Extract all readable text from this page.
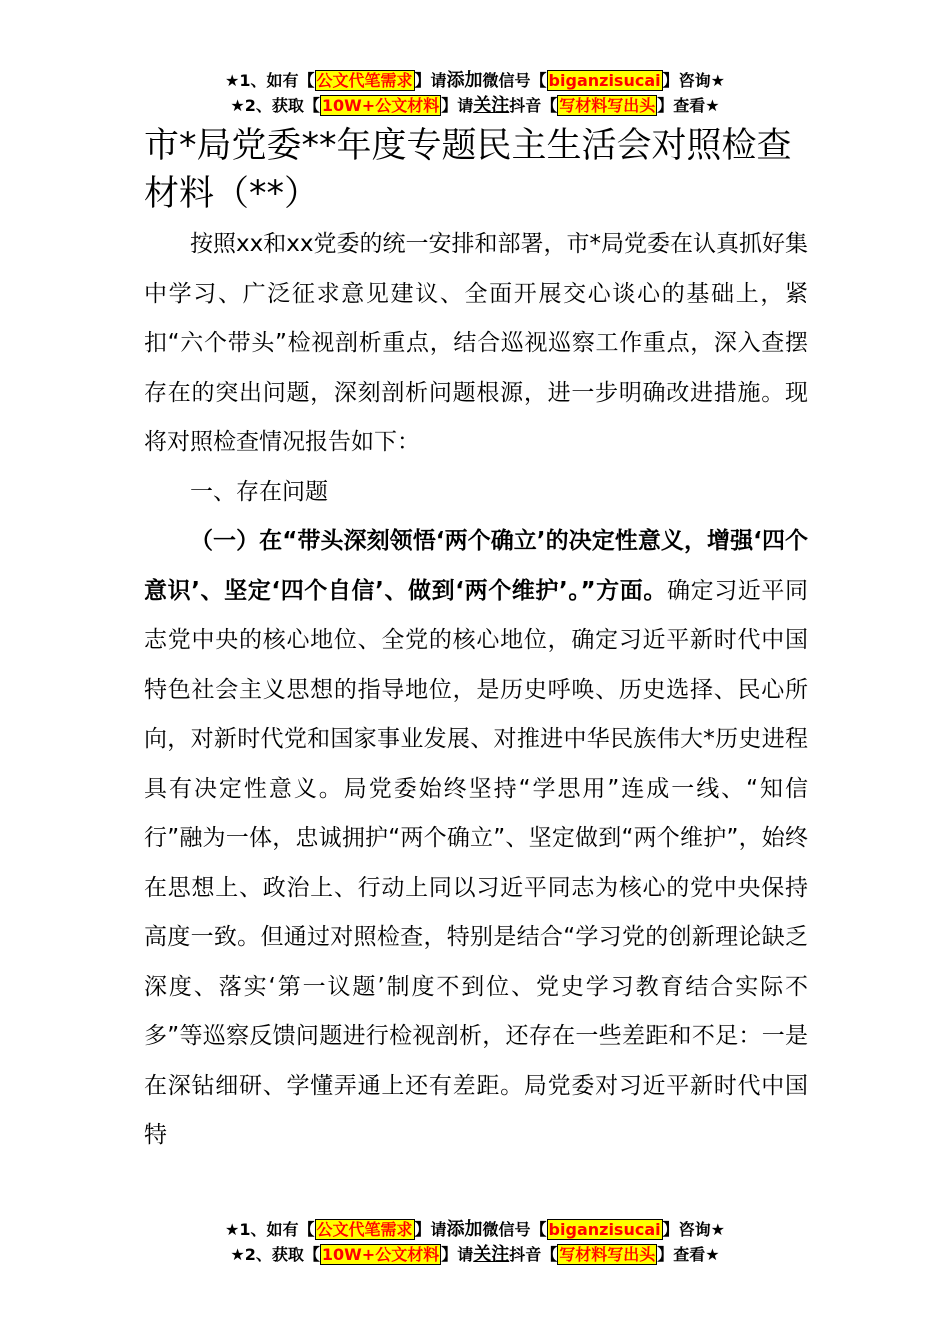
★1、如有【 公文代笔需求 】请添加微信号【 biganzisucai 】咨询★
★2、获取【 10W+公文材料 】请关注抖音【 写材料写出头 】查看★
市*局党委**年度专题民主生活会对照检查材料（**）

按照xx和xx党委的统一安排和部署，市*局党委在认真抓好集中学习、广泛征求意见建议、全面开展交心谈心的基础上，紧扣“六个带头”检视剖析重点，结合巡视巡察工作重点，深入查摆存在的突出问题，深刻剖析问题根源，进一步明确改进措施。现将对照检查情况报告如下：

一、存在问题

（一）在“带头深刻领悟‘两个确立’的决定性意义，增强‘四个意识’、坚定‘四个自信’、做到‘两个维护’。”方面。确定习近平同志党中央的核心地位、全党的核心地位，确定习近平新时代中国特色社会主义思想的指导地位，是历史呼唤、历史选择、民心所向，对新时代党和国家事业发展、对推进中华民族伟大*历史进程具有决定性意义。局党委始终坚持“学思用”连成一线、“知信行”融为一体，忠诚拥护“两个确立”、坚定做到“两个维护”，始终在思想上、政治上、行动上同以习近平同志为核心的党中央保持高度一致。但通过对照检查，特别是结合“学习党的创新理论缺乏深度、落实‘第一议题’制度不到位、党史学习教育结合实际不多”等巡察反馈问题进行检视剖析，还存在一些差距和不足：一是在深钻细研、学懂弄通上还有差距。局党委对习近平新时代中国特

★1、如有【 公文代笔需求 】请添加微信号【 biganzisucai 】咨询★
★2、获取【 10W+公文材料 】请关注抖音【 写材料写出头 】查看★
